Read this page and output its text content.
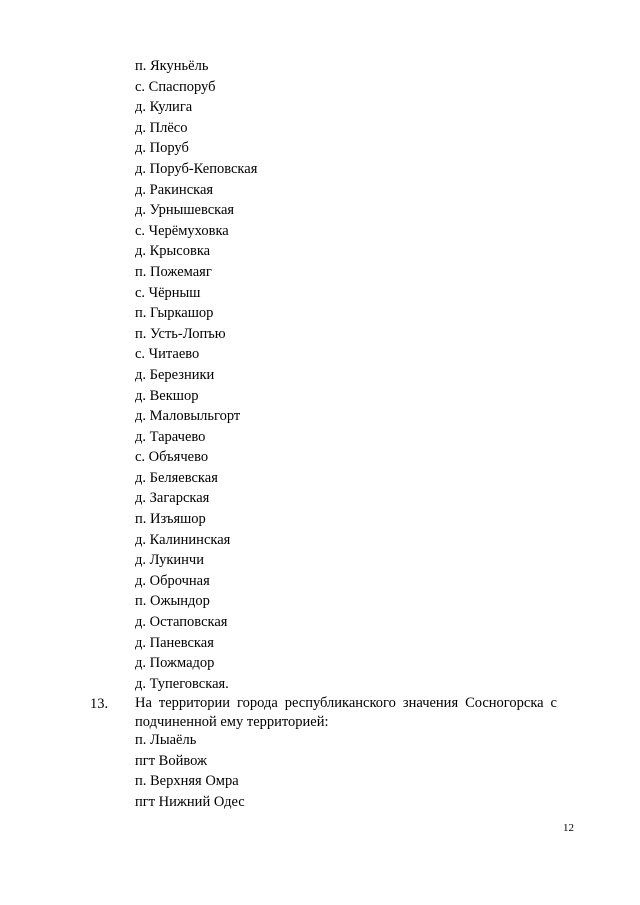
п. Якуньёль
с. Спаспоруб
д. Кулига
д. Плёсо
д. Поруб
д. Поруб-Кеповская
д. Ракинская
д. Урнышевская
с. Черёмуховка
д. Крысовка
п. Пожемаяг
с. Чёрныш
п. Гыркашор
п. Усть-Лопъю
с. Читаево
д. Березники
д. Векшор
д. Маловыльгорт
д. Тарачево
с. Объячево
д. Беляевская
д. Загарская
п. Изъяшор
д. Калининская
д. Лукинчи
д. Оброчная
п. Ожындор
д. Остаповская
д. Паневская
д. Пожмадор
д. Тупеговская.
13. На территории города республиканского значения Сосногорска с подчиненной ему территорией:
п. Лыаёль
пгт Войвож
п. Верхняя Омра
пгт Нижний Одес
12
